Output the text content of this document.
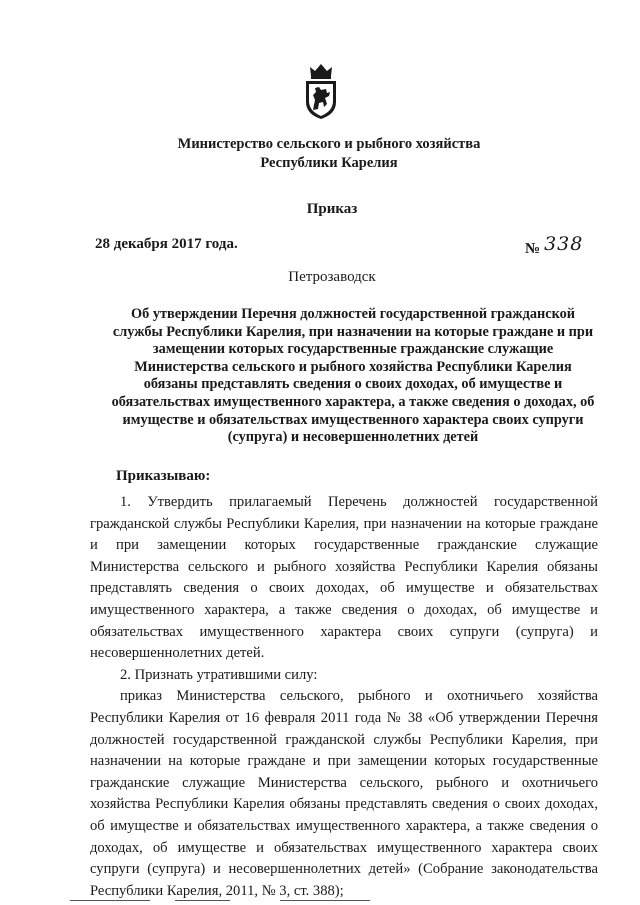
Министерство сельского и рыбного хозяйства
Республики Карелия
Приказ
28 декабря 2017 года.	№ 338
Петрозаводск
Об утверждении Перечня должностей государственной гражданской службы Республики Карелия, при назначении на которые граждане и при замещении которых государственные гражданские служащие Министерства сельского и рыбного хозяйства Республики Карелия обязаны представлять сведения о своих доходах, об имуществе и обязательствах имущественного характера, а также сведения о доходах, об имуществе и обязательствах имущественного характера своих супруги (супруга) и несовершеннолетних детей
Приказываю:

1. Утвердить прилагаемый Перечень должностей государственной гражданской службы Республики Карелия, при назначении на которые граждане и при замещении которых государственные гражданские служащие Министерства сельского и рыбного хозяйства Республики Карелия обязаны представлять сведения о своих доходах, об имуществе и обязательствах имущественного характера, а также сведения о доходах, об имуществе и обязательствах имущественного характера своих супруги (супруга) и несовершеннолетних детей.

2. Признать утратившими силу:

приказ Министерства сельского, рыбного и охотничьего хозяйства Республики Карелия от 16 февраля 2011 года № 38 «Об утверждении Перечня должностей государственной гражданской службы Республики Карелия, при назначении на которые граждане и при замещении которых государственные гражданские служащие Министерства сельского, рыбного и охотничьего хозяйства Республики Карелия обязаны представлять сведения о своих доходах, об имуществе и обязательствах имущественного характера, а также сведения о доходах, об имуществе и обязательствах имущественного характера своих супруги (супруга) и несовершеннолетних детей» (Собрание законодательства Республики Карелия, 2011, № 3, ст. 388);
